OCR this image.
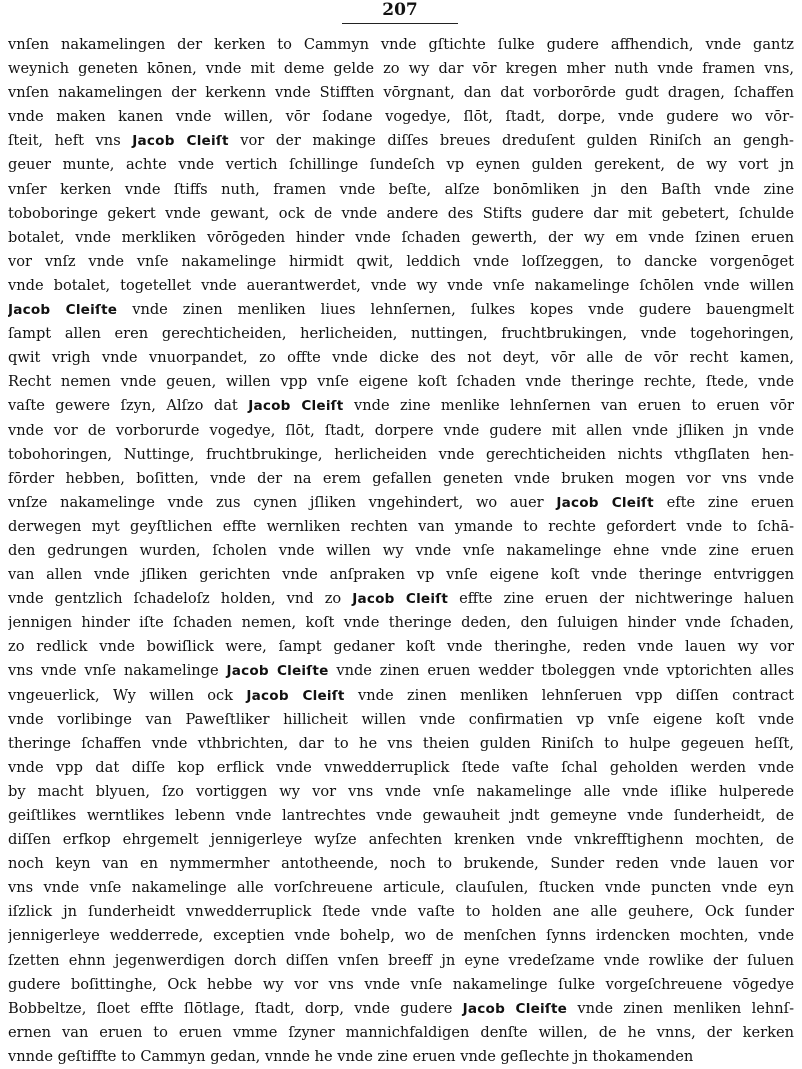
207
vnſen nakamelingen der kerken to Cammyn vnde gſtichte ſulke gudere affhendich, vnde gantz
weynich geneten kōnen, vnde mit deme gelde zo wy dar vōr kregen mher nuth vnde framen vns,
vnſen nakamelingen der kerkenn vnde Stifften vōrgnant, dan dat vorborōrde gudt dragen, ſchaffen
vnde maken kanen vnde willen, vōr ſodane vogedye, ſlōt, ſtadt, dorpe, vnde gudere wo vōr-
ſteit, heft vns Jacob Cleiſt vor der makinge diſſes breues dreduſent gulden Riniſch an gengh-
geuer munte, achte vnde vertich ſchillinge ſundeſch vp eynen gulden gerekent, de wy vort jn
vnſer kerken vnde ſtiffs nuth, framen vnde beſte, alſze bonōmliken jn den Baſth vnde zine
toboboringe gekert vnde gewant, ock de vnde andere des Stifts gudere dar mit gebetert, ſchulde
botalet, vnde merkliken vōrōgeden hinder vnde ſchaden gewerth, der wy em vnde ſzinen eruen
vor vnſz vnde vnſe nakamelinge hirmidt qwit, leddich vnde loſſzeggen, to dancke vorgenōget
vnde botalet, togetellet vnde auerantwerdet, vnde wy vnde vnſe nakamelinge ſchōlen vnde willen
Jacob Cleiſte vnde zinen menliken liues lehnſernen, ſulkes kopes vnde gudere bauengmelt
ſampt allen eren gerechticheiden, herlicheiden, nuttingen, fruchtbrukingen, vnde togehoringen,
qwit vrigh vnde vnuorpandet, zo offte vnde dicke des not deyt, vōr alle de vōr recht kamen,
Recht nemen vnde geuen, willen vpp vnſe eigene koſt ſchaden vnde theringe rechte, ſtede, vnde
vaſte gewere ſzyn, Alſzo dat Jacob Cleiſt vnde zine menlike lehnſernen van eruen to eruen vōr
vnde vor de vorborurde vogedye, ſlōt, ſtadt, dorpere vnde gudere mit allen vnde jſliken jn vnde
tobohoringen, Nuttinge, fruchtbrukinge, herlicheiden vnde gerechticheiden nichts vthgſlaten hen-
fōrder hebben, boſitten, vnde der na erem gefallen geneten vnde bruken mogen vor vns vnde
vnſze nakamelinge vnde zus cynen jſliken vngehindert, wo auer Jacob Cleiſt efte zine eruen
derwegen myt geyſtlichen effte wernliken rechten van ymande to rechte gefordert vnde to ſchā-
den gedrungen wurden, ſcholen vnde willen wy vnde vnſe nakamelinge ehne vnde zine eruen
van allen vnde jſliken gerichten vnde anſpraken vp vnſe eigene koſt vnde theringe entvriggen
vnde gentzlich ſchadeloſz holden, vnd zo Jacob Cleiſt effte zine eruen der nichtweringe haluen
jennigen hinder iſte ſchaden nemen, koſt vnde theringe deden, den ſuluigen hinder vnde ſchaden,
zo redlick vnde bowiſlick were, ſampt gedaner koſt vnde theringhe, reden vnde lauen wy vor
vns vnde vnſe nakamelinge Jacob Cleiſte vnde zinen eruen wedder tboleggen vnde vptorichten alles
vngeuerlick, Wy willen ock Jacob Cleiſt vnde zinen menliken lehnſeruen vpp diſſen contract
vnde vorlibinge van Paweſtliker hillicheit willen vnde confirmatien vp vnſe eigene koſt vnde
theringe ſchaffen vnde vthbrichten, dar to he vns theien gulden Riniſch to hulpe gegeuen heſſt,
vnde vpp dat diſſe kop erflick vnde vnwedderruplick ſtede vaſte ſchal geholden werden vnde
by macht blyuen, ſzo vortiggen wy vor vns vnde vnſe nakamelinge alle vnde iſlike hulperede
geiſtlikes werntlikes lebenn vnde lantrechtes vnde gewauheit jndt gemeyne vnde ſunderheidt, de
diſſen erfkop ehrgemelt jennigerleye wyſze anfechten krenken vnde vnkrefftighenn mochten, de
noch keyn van en nymmermher antotheende, noch to brukende, Sunder reden vnde lauen vor
vns vnde vnſe nakamelinge alle vorſchreuene articule, clauſulen, ſtucken vnde puncten vnde eyn
iſzlick jn ſunderheidt vnwedderruplick ſtede vnde vaſte to holden ane alle geuhere, Ock ſunder
jennigerleye wedderrede, exceptien vnde bohelp, wo de menſchen ſynns irdencken mochten, vnde
ſzetten ehnn jegenwerdigen dorch diſſen vnſen breeff jn eyne vredeſzame vnde rowlike der ſuluen
gudere boſittinghe, Ock hebbe wy vor vns vnde vnſe nakamelinge ſulke vorgeſchreuene vōgedye
Bobbeltze, ſloet effte ſlōtlage, ſtadt, dorp, vnde gudere Jacob Cleiſte vnde zinen menliken lehnſ-
ernen van eruen to eruen vmme ſzyner mannichfaldigen denſte willen, de he vnns, der kerken
vnnde geſtiffte to Cammyn gedan, vnnde he vnde zine eruen vnde geſlechte jn thokamenden
